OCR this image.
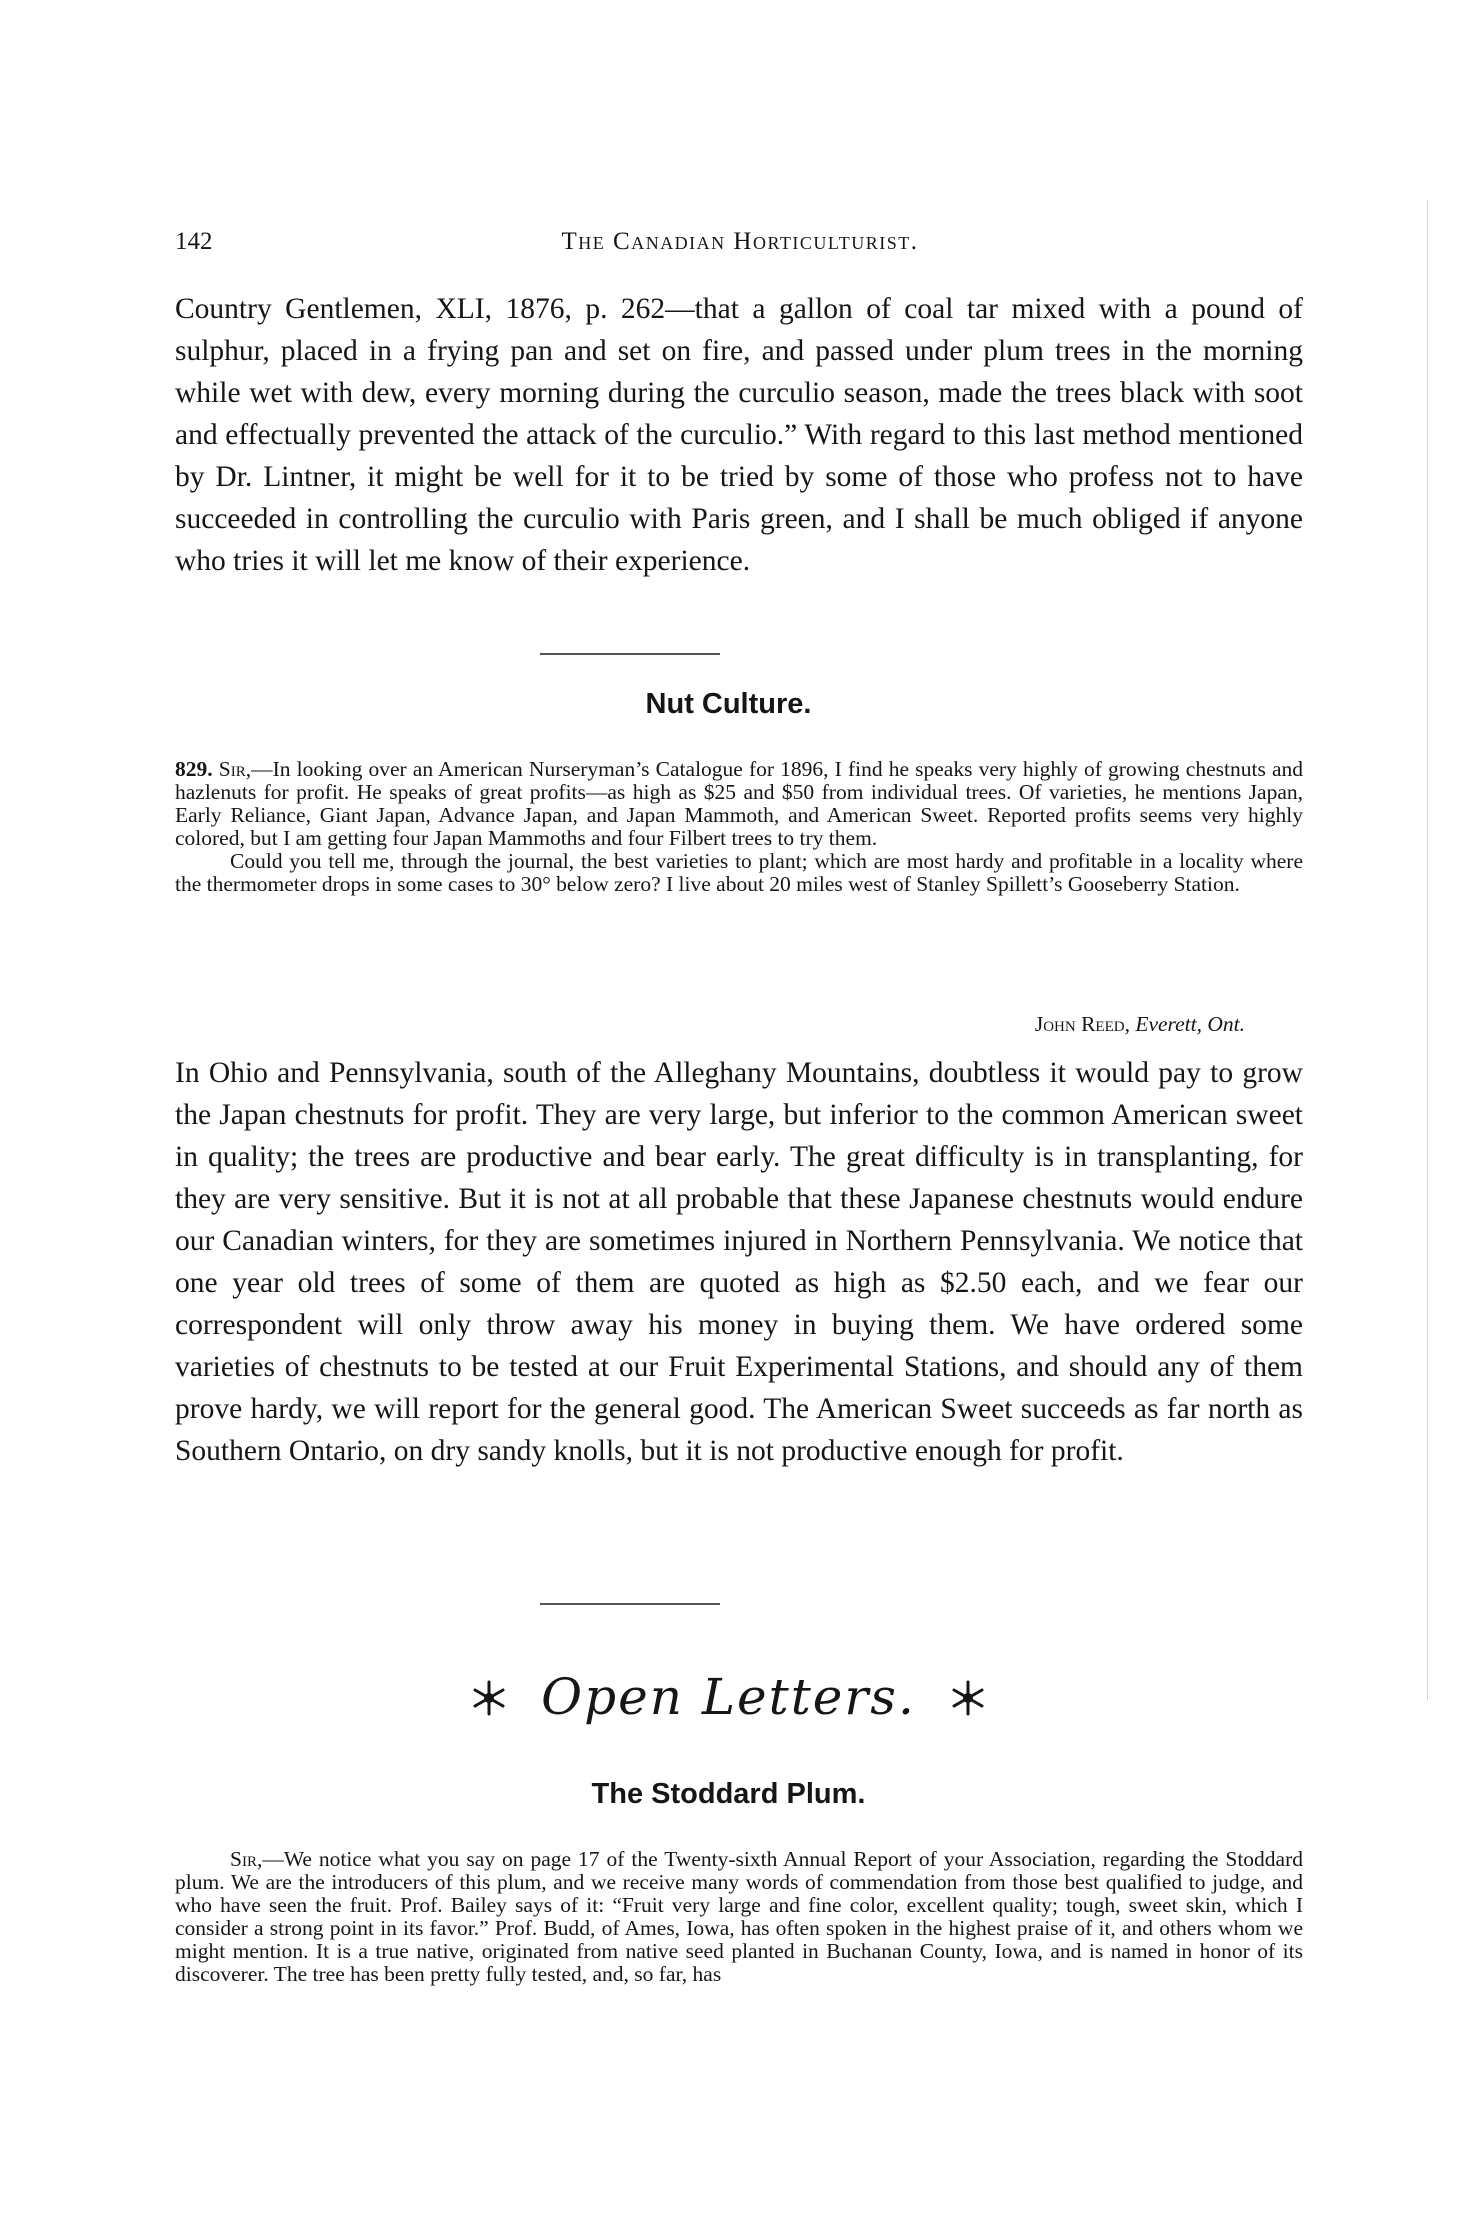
142	The Canadian Horticulturist.

Country Gentlemen, XLI, 1876, p. 262—that a gallon of coal tar mixed with a pound of sulphur, placed in a frying pan and set on fire, and passed under plum trees in the morning while wet with dew, every morning during the curculio season, made the trees black with soot and effectually prevented the attack of the curculio.” With regard to this last method mentioned by Dr. Lintner, it might be well for it to be tried by some of those who profess not to have succeeded in controlling the curculio with Paris green, and I shall be much obliged if anyone who tries it will let me know of their experience.

Nut Culture.
829. Sir,—In looking over an American Nurseryman’s Catalogue for 1896, I find he speaks very highly of growing chestnuts and hazlenuts for profit. He speaks of great profits—as high as $25 and $50 from individual trees. Of varieties, he mentions Japan, Early Reliance, Giant Japan, Advance Japan, and Japan Mammoth, and American Sweet. Reported profits seems very highly colored, but I am getting four Japan Mammoths and four Filbert trees to try them.
Could you tell me, through the journal, the best varieties to plant; which are most hardy and profitable in a locality where the thermometer drops in some cases to 30° below zero? I live about 20 miles west of Stanley Spillett’s Gooseberry Station.
John Reed, Everett, Ont.

In Ohio and Pennsylvania, south of the Alleghany Mountains, doubtless it would pay to grow the Japan chestnuts for profit. They are very large, but inferior to the common American sweet in quality; the trees are productive and bear early. The great difficulty is in transplanting, for they are very sensitive. But it is not at all probable that these Japanese chestnuts would endure our Canadian winters, for they are sometimes injured in Northern Pennsylvania. We notice that one year old trees of some of them are quoted as high as $2.50 each, and we fear our correspondent will only throw away his money in buying them. We have ordered some varieties of chestnuts to be tested at our Fruit Experimental Stations, and should any of them prove hardy, we will report for the general good. The American Sweet succeeds as far north as Southern Ontario, on dry sandy knolls, but it is not productive enough for profit.

Open Letters.
The Stoddard Plum.
Sir,—We notice what you say on page 17 of the Twenty-sixth Annual Report of your Association, regarding the Stoddard plum. We are the introducers of this plum, and we receive many words of commendation from those best qualified to judge, and who have seen the fruit. Prof. Bailey says of it: “Fruit very large and fine color, excellent quality; tough, sweet skin, which I consider a strong point in its favor.” Prof. Budd, of Ames, Iowa, has often spoken in the highest praise of it, and others whom we might mention. It is a true native, originated from native seed planted in Buchanan County, Iowa, and is named in honor of its discoverer. The tree has been pretty fully tested, and, so far, has
